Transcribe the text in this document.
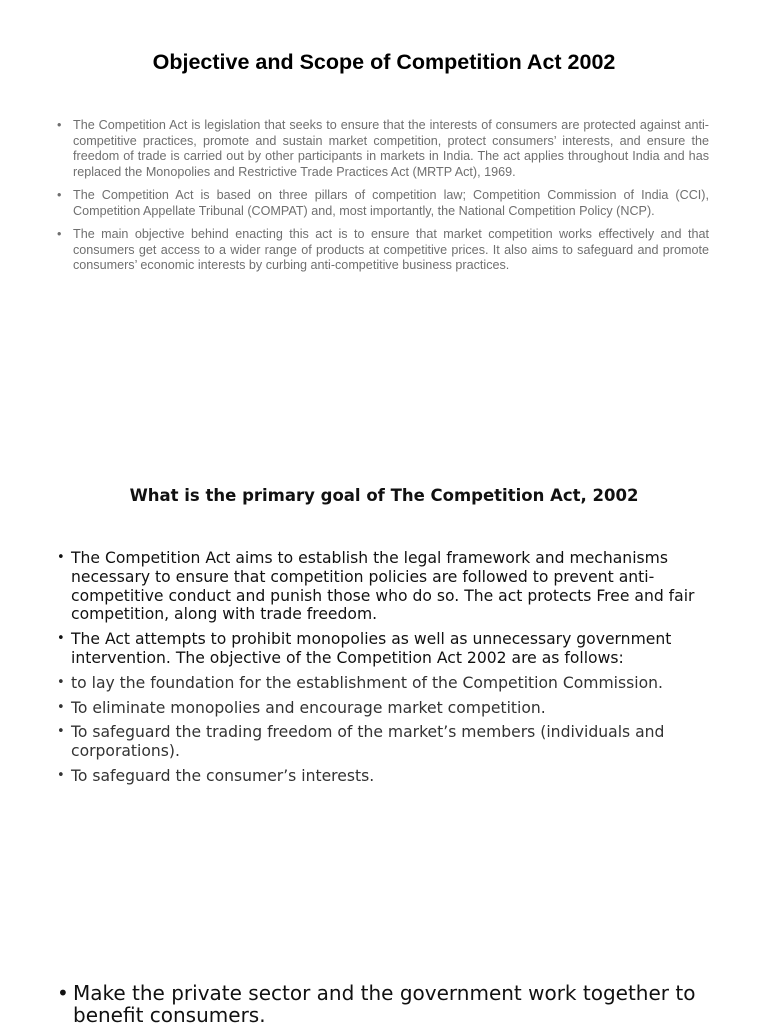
Objective and Scope of Competition Act 2002
• The Competition Act is legislation that seeks to ensure that the interests of consumers are protected against anti-competitive practices, promote and sustain market competition, protect consumers’ interests, and ensure the freedom of trade is carried out by other participants in markets in India. The act applies throughout India and has replaced the Monopolies and Restrictive Trade Practices Act (MRTP Act), 1969.
• The Competition Act is based on three pillars of competition law; Competition Commission of India (CCI), Competition Appellate Tribunal (COMPAT) and, most importantly, the National Competition Policy (NCP).
• The main objective behind enacting this act is to ensure that market competition works effectively and that consumers get access to a wider range of products at competitive prices. It also aims to safeguard and promote consumers’ economic interests by curbing anti-competitive business practices.
What is the primary goal of The Competition Act, 2002
• The Competition Act aims to establish the legal framework and mechanisms necessary to ensure that competition policies are followed to prevent anti-competitive conduct and punish those who do so. The act protects Free and fair competition, along with trade freedom.
• The Act attempts to prohibit monopolies as well as unnecessary government intervention. The objective of the Competition Act 2002 are as follows:
• to lay the foundation for the establishment of the Competition Commission.
• To eliminate monopolies and encourage market competition.
• To safeguard the trading freedom of the market’s members (individuals and corporations).
• To safeguard the consumer’s interests.
• Make the private sector and the government work together to benefit consumers.
